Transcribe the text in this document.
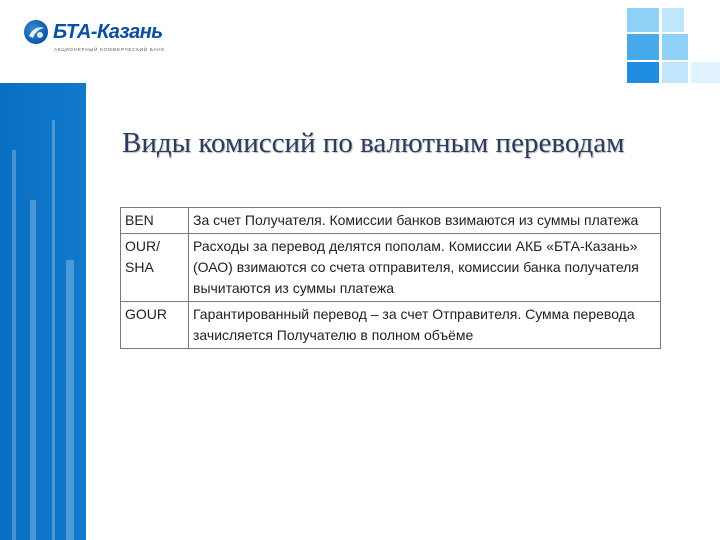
БТА-Казань
АКЦИОНЕРНЫЙ КОММЕРЧЕСКИЙ БАНК
Виды комиссий по валютным переводам
BEN	За счет Получателя. Комиссии банков взимаются из суммы платежа
OUR/ SHA	Расходы за перевод делятся пополам. Комиссии АКБ «БТА-Казань» (ОАО) взимаются со счета отправителя, комиссии банка получателя вычитаются из суммы платежа
GOUR	Гарантированный перевод – за счет Отправителя. Сумма перевода зачисляется Получателю в полном объёме
